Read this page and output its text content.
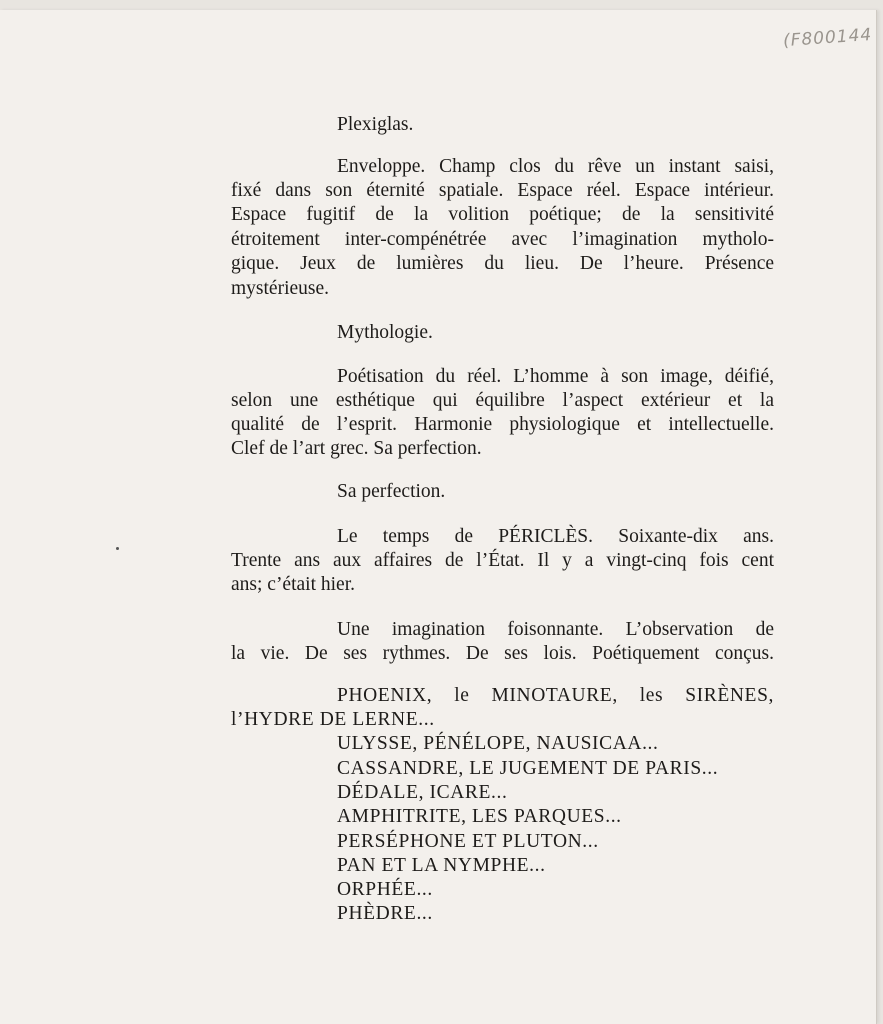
(F800144
Plexiglas.
Enveloppe. Champ clos du rêve un instant saisi,
fixé dans son éternité spatiale. Espace réel. Espace intérieur.
Espace fugitif de la volition poétique; de la sensitivité
étroitement inter-compénétrée avec l’imagination mytholo-
gique. Jeux de lumières du lieu. De l’heure. Présence
mystérieuse.
Mythologie.
Poétisation du réel. L’homme à son image, déifié,
selon une esthétique qui équilibre l’aspect extérieur et la
qualité de l’esprit. Harmonie physiologique et intellectuelle.
Clef de l’art grec. Sa perfection.
Sa perfection.
Le temps de PÉRICLÈS. Soixante-dix ans.
Trente ans aux affaires de l’État. Il y a vingt-cinq fois cent
ans; c’était hier.
Une imagination foisonnante. L’observation de
la vie. De ses rythmes. De ses lois. Poétiquement conçus.
PHOENIX, le MINOTAURE, les SIRÈNES,
l’HYDRE DE LERNE...
ULYSSE, PÉNÉLOPE, NAUSICAA...
CASSANDRE, LE JUGEMENT DE PARIS...
DÉDALE, ICARE...
AMPHITRITE, LES PARQUES...
PERSÉPHONE ET PLUTON...
PAN ET LA NYMPHE...
ORPHÉE...
PHÈDRE...
